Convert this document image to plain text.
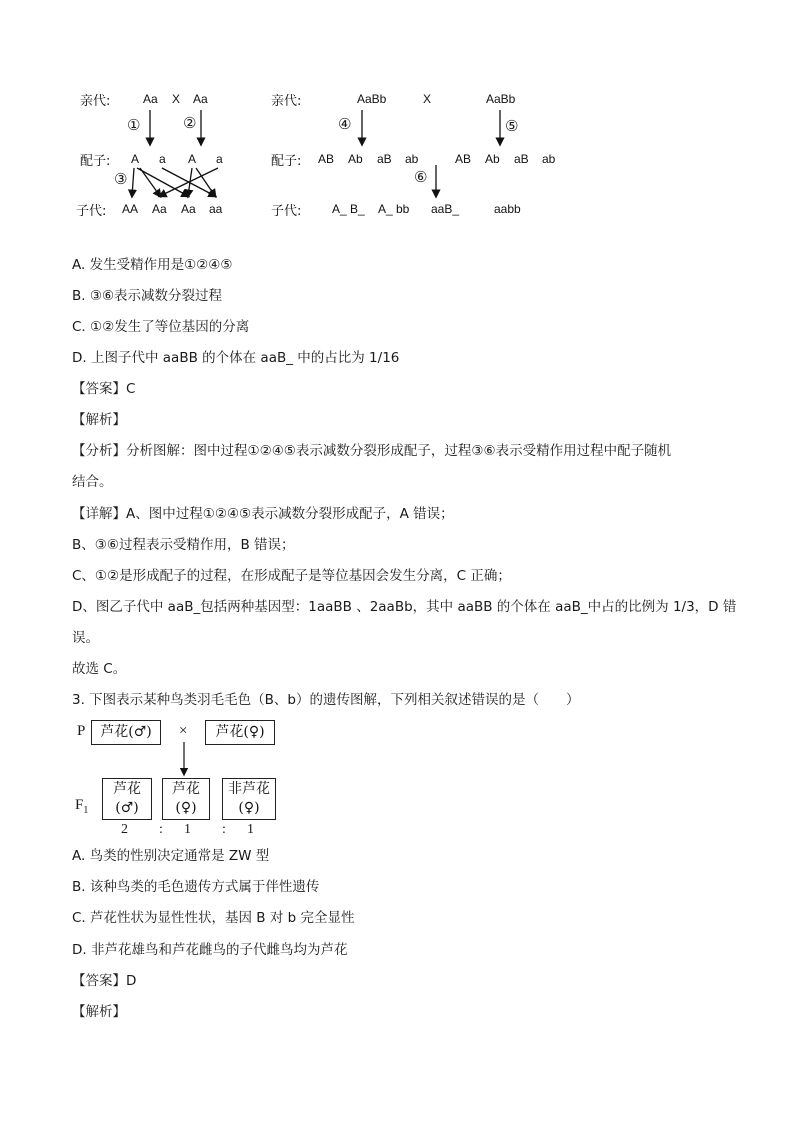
亲代:	Aa X Aa
①	②
配子: A a A a
③
子代: AA Aa Aa aa
亲代:	AaBb	X	AaBb
④	⑤
配子: AB Ab aB ab	AB Ab aB ab
⑥
子代:	A_ B_ A_ bb aaB_	aabb
A. 发生受精作用是①②④⑤
B. ③⑥表示减数分裂过程
C. ①②发生了等位基因的分离
D. 上图子代中 aaBB 的个体在 aaB_ 中的占比为 1/16
【答案】C
【解析】
【分析】分析图解：图中过程①②④⑤表示减数分裂形成配子，过程③⑥表示受精作用过程中配子随机
结合。
【详解】A、图中过程①②④⑤表示减数分裂形成配子，A 错误；
B、③⑥过程表示受精作用，B 错误；
C、①②是形成配子的过程，在形成配子是等位基因会发生分离，C 正确；
D、图乙子代中 aaB_包括两种基因型：1aaBB 、2aaBb，其中 aaBB 的个体在 aaB_中占的比例为 1/3，D 错
误。
故选 C。
3. 下图表示某种鸟类羽毛毛色（B、b）的遗传图解，下列相关叙述错误的是（　　）
P	芦花(♂)	×	芦花(♀)
$F_1$
芦花
(♂)
芦花
(♀)
非芦花
(♀)
2 : 1 : 1
A. 鸟类的性别决定通常是 ZW 型
B. 该种鸟类的毛色遗传方式属于伴性遗传
C. 芦花性状为显性性状，基因 B 对 b 完全显性
D. 非芦花雄鸟和芦花雌鸟的子代雌鸟均为芦花
【答案】D
【解析】
